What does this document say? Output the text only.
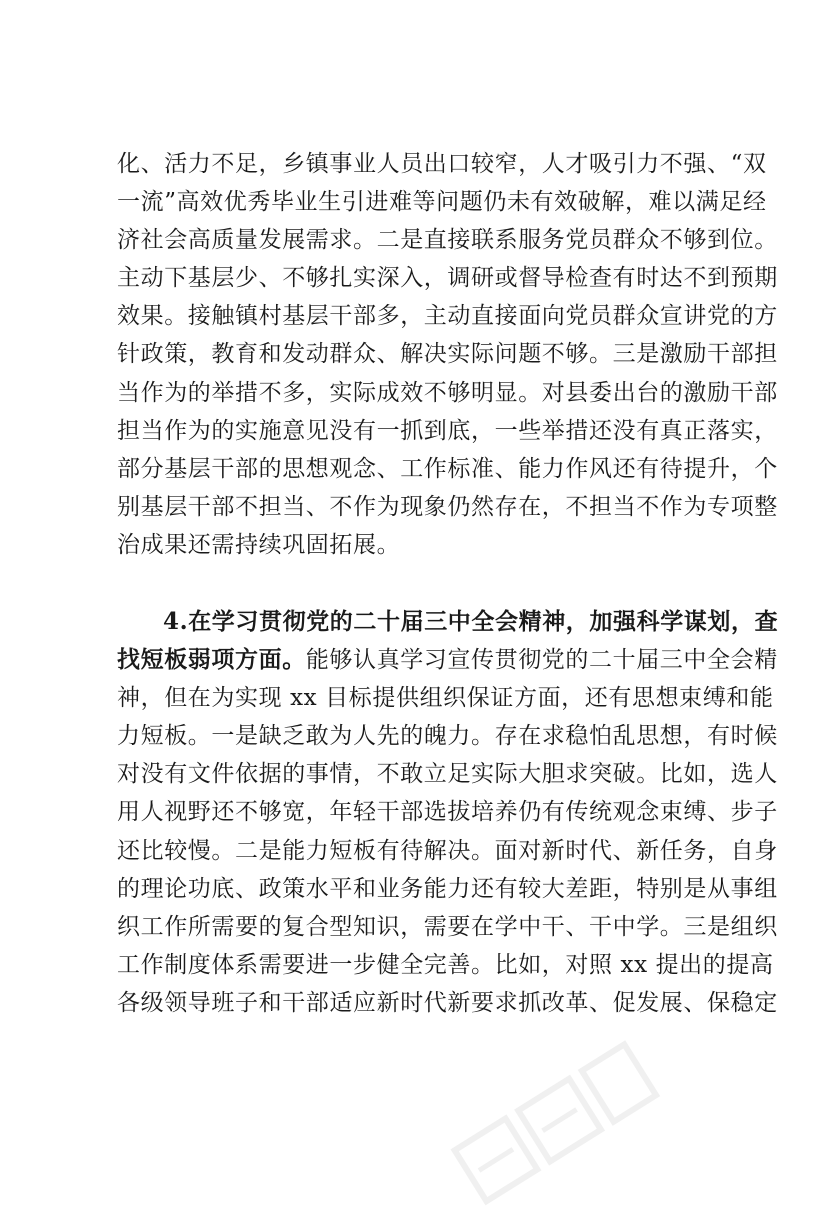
化、活力不足，乡镇事业人员出口较窄，人才吸引力不强、“双
一流”高效优秀毕业生引进难等问题仍未有效破解，难以满足经
济社会高质量发展需求。二是直接联系服务党员群众不够到位。
主动下基层少、不够扎实深入，调研或督导检查有时达不到预期
效果。接触镇村基层干部多，主动直接面向党员群众宣讲党的方
针政策，教育和发动群众、解决实际问题不够。三是激励干部担
当作为的举措不多，实际成效不够明显。对县委出台的激励干部
担当作为的实施意见没有一抓到底，一些举措还没有真正落实，
部分基层干部的思想观念、工作标准、能力作风还有待提升，个
别基层干部不担当、不作为现象仍然存在，不担当不作为专项整
治成果还需持续巩固拓展。
4.在学习贯彻党的二十届三中全会精神，加强科学谋划，查
找短板弱项方面。能够认真学习宣传贯彻党的二十届三中全会精
神，但在为实现 xx 目标提供组织保证方面，还有思想束缚和能
力短板。一是缺乏敢为人先的魄力。存在求稳怕乱思想，有时候
对没有文件依据的事情，不敢立足实际大胆求突破。比如，选人
用人视野还不够宽，年轻干部选拔培养仍有传统观念束缚、步子
还比较慢。二是能力短板有待解决。面对新时代、新任务，自身
的理论功底、政策水平和业务能力还有较大差距，特别是从事组
织工作所需要的复合型知识，需要在学中干、干中学。三是组织
工作制度体系需要进一步健全完善。比如，对照 xx 提出的提高
各级领导班子和干部适应新时代新要求抓改革、促发展、保稳定
